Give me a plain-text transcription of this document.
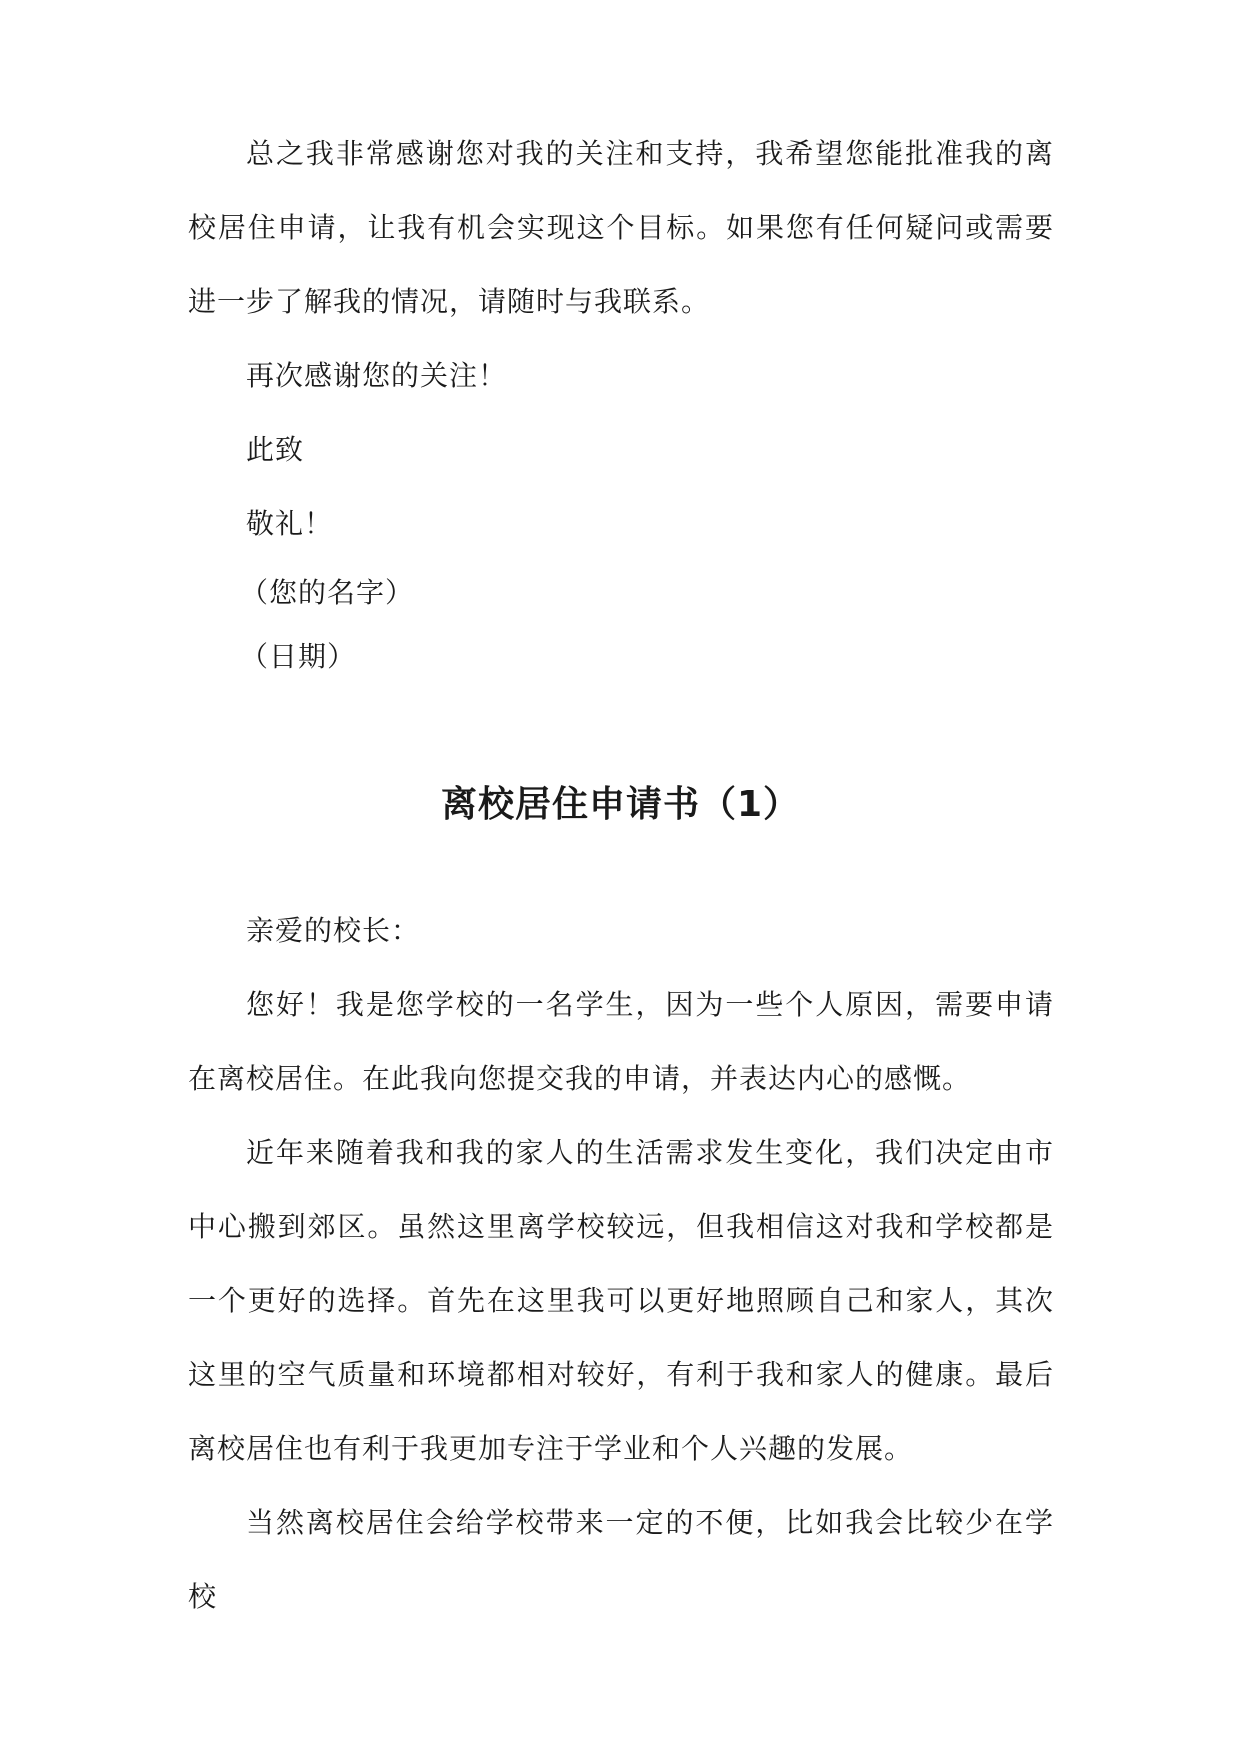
总之我非常感谢您对我的关注和支持，我希望您能批准我的离校居住申请，让我有机会实现这个目标。如果您有任何疑问或需要进一步了解我的情况，请随时与我联系。

再次感谢您的关注！

此致

敬礼！

（您的名字）

（日期）

离校居住申请书（1）

亲爱的校长：

您好！我是您学校的一名学生，因为一些个人原因，需要申请在离校居住。在此我向您提交我的申请，并表达内心的感慨。

近年来随着我和我的家人的生活需求发生变化，我们决定由市中心搬到郊区。虽然这里离学校较远，但我相信这对我和学校都是一个更好的选择。首先在这里我可以更好地照顾自己和家人，其次这里的空气质量和环境都相对较好，有利于我和家人的健康。最后离校居住也有利于我更加专注于学业和个人兴趣的发展。

当然离校居住会给学校带来一定的不便，比如我会比较少在学校
